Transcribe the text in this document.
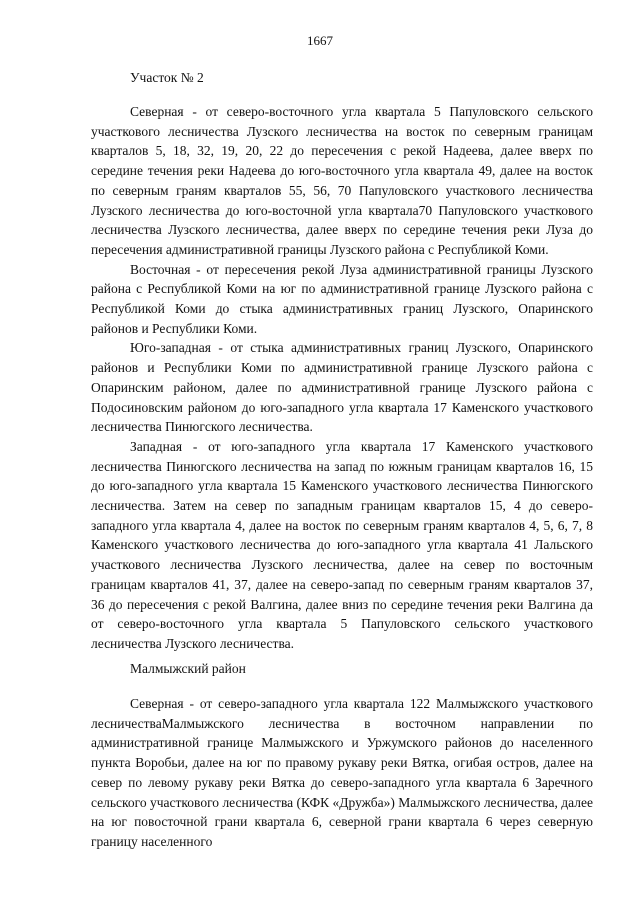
1667
Участок № 2

Северная - от северо-восточного угла квартала 5 Папуловского сельского участкового лесничества Лузского лесничества на восток по северным границам кварталов 5, 18, 32, 19, 20, 22 до пересечения с рекой Надеева, далее вверх по середине течения реки Надеева до юго-восточного угла квартала 49, далее на восток по северным граням кварталов 55, 56, 70 Папуловского участкового лесничества Лузского лесничества до юго-восточной угла квартала70 Папуловского участкового лесничества Лузского лесничества, далее вверх по середине течения реки Луза до пересечения административной границы Лузского района с Республикой Коми.

Восточная - от пересечения рекой Луза административной границы Лузского района с Республикой Коми на юг по административной границе Лузского района с Республикой Коми до стыка административных границ Лузского, Опаринского районов и Республики Коми.

Юго-западная - от стыка административных границ Лузского, Опаринского районов и Республики Коми по административной границе Лузского района с Опаринским районом, далее по административной границе Лузского района с Подосиновским районом до юго-западного угла квартала 17 Каменского участкового лесничества Пинюгского лесничества.

Западная - от юго-западного угла квартала 17 Каменского участкового лесничества Пинюгского лесничества на запад по южным границам кварталов 16, 15 до юго-западного угла квартала 15 Каменского участкового лесничества Пинюгского лесничества. Затем на север по западным границам кварталов 15, 4 до северо-западного угла квартала 4, далее на восток по северным граням кварталов 4, 5, 6, 7, 8 Каменского участкового лесничества до юго-западного угла квартала 41 Лальского участкового лесничества Лузского лесничества, далее на север по восточным границам кварталов 41, 37, далее на северо-запад по северным граням кварталов 37, 36 до пересечения с рекой Валгина, далее вниз по середине течения реки Валгина да от северо-восточного угла квартала 5 Папуловского сельского участкового лесничества Лузского лесничества.

Малмыжский район

Северная - от северо-западного угла квартала 122 Малмыжского участкового лесничестваМалмыжского лесничества в восточном направлении по административной границе Малмыжского и Уржумского районов до населенного пункта Воробьи, далее на юг по правому рукаву реки Вятка, огибая остров, далее на север по левому рукаву реки Вятка до северо-западного угла квартала 6 Заречного сельского участкового лесничества (КФК «Дружба») Малмыжского лесничества, далее на юг повосточной грани квартала 6, северной грани квартала 6 через северную границу населенного
